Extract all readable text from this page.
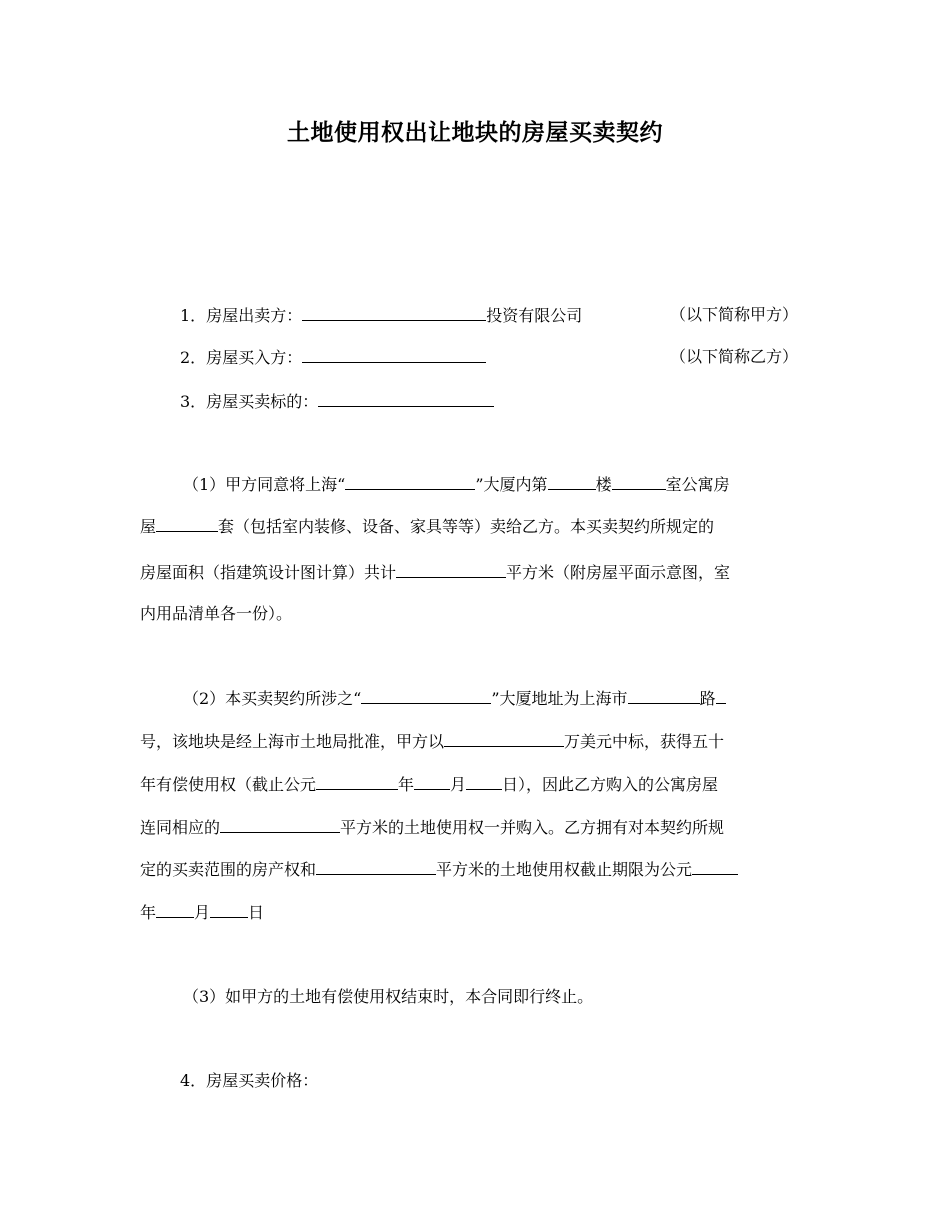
土地使用权出让地块的房屋买卖契约
1．房屋出卖方：	投资有限公司	（以下简称甲方）
2．房屋买入方：	（以下简称乙方）
3．房屋买卖标的：
（1）甲方同意将上海“	”大厦内第	楼	室公寓房
屋	套（包括室内装修、设备、家具等等）卖给乙方。本买卖契约所规定的
房屋面积（指建筑设计图计算）共计	平方米（附房屋平面示意图，室
内用品清单各一份）。
（2）本买卖契约所涉之“	”大厦地址为上海市	路
号，该地块是经上海市土地局批准，甲方以	万美元中标，获得五十
年有偿使用权（截止公元	年 月 日），因此乙方购入的公寓房屋
连同相应的	平方米的土地使用权一并购入。乙方拥有对本契约所规
定的买卖范围的房产权和	平方米的土地使用权截止期限为公元
年 月 日
（3）如甲方的土地有偿使用权结束时，本合同即行终止。
4．房屋买卖价格：
